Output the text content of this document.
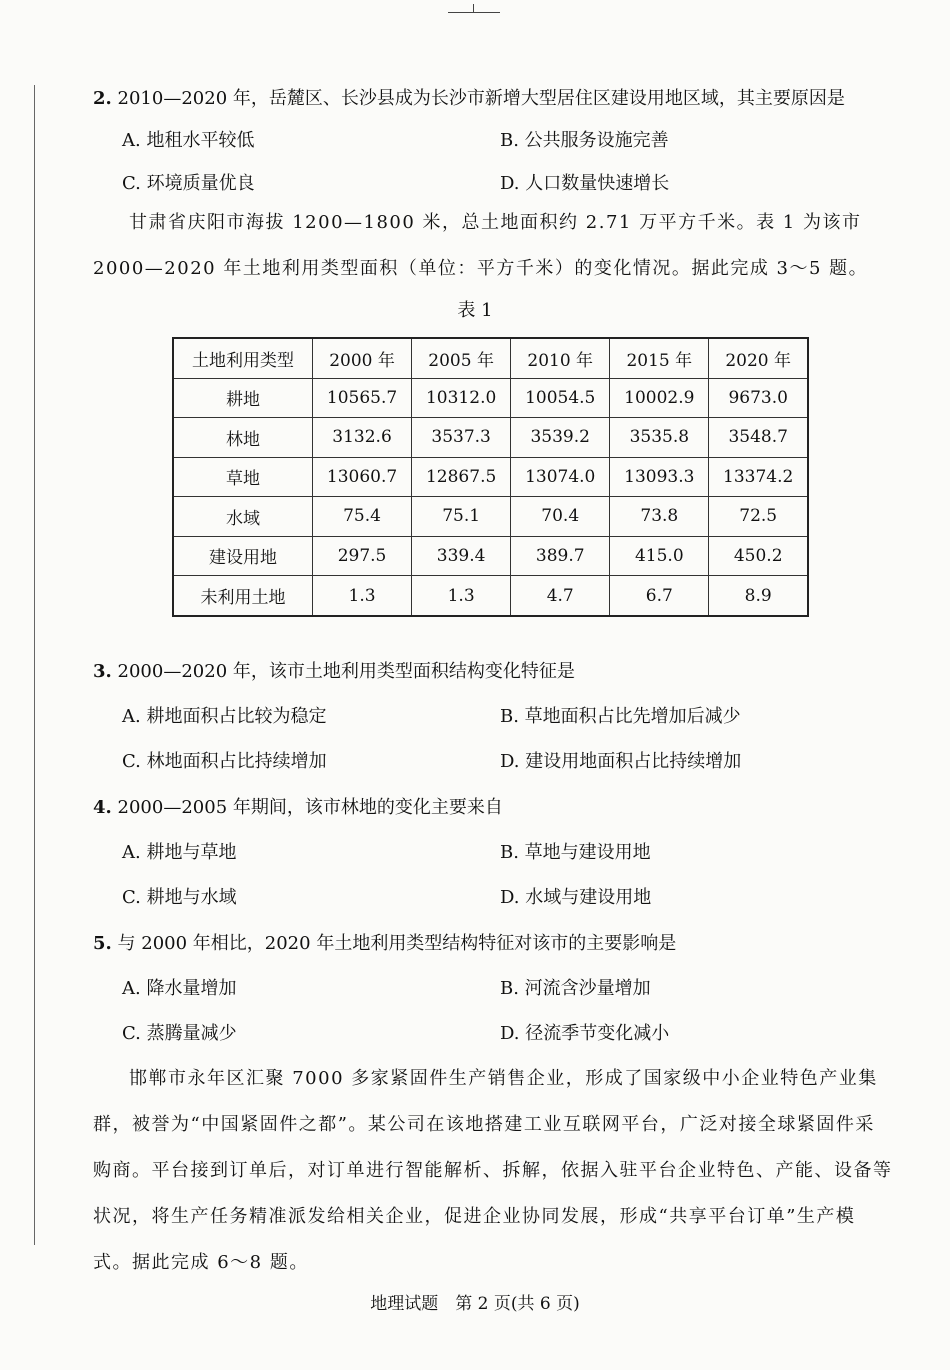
2. 2010—2020 年，岳麓区、长沙县成为长沙市新增大型居住区建设用地区域，其主要原因是
A. 地租水平较低	B. 公共服务设施完善
C. 环境质量优良	D. 人口数量快速增长
甘肃省庆阳市海拔 1200—1800 米，总土地面积约 2.71 万平方千米。表 1 为该市 2000—2020 年土地利用类型面积（单位：平方千米）的变化情况。据此完成 3～5 题。
表 1
土地利用类型	2000 年	2005 年	2010 年	2015 年	2020 年
耕地	10565.7	10312.0	10054.5	10002.9	9673.0
林地	3132.6	3537.3	3539.2	3535.8	3548.7
草地	13060.7	12867.5	13074.0	13093.3	13374.2
水域	75.4	75.1	70.4	73.8	72.5
建设用地	297.5	339.4	389.7	415.0	450.2
未利用土地	1.3	1.3	4.7	6.7	8.9
3. 2000—2020 年，该市土地利用类型面积结构变化特征是
A. 耕地面积占比较为稳定	B. 草地面积占比先增加后减少
C. 林地面积占比持续增加	D. 建设用地面积占比持续增加
4. 2000—2005 年期间，该市林地的变化主要来自
A. 耕地与草地	B. 草地与建设用地
C. 耕地与水域	D. 水域与建设用地
5. 与 2000 年相比，2020 年土地利用类型结构特征对该市的主要影响是
A. 降水量增加	B. 河流含沙量增加
C. 蒸腾量减少	D. 径流季节变化减小
邯郸市永年区汇聚 7000 多家紧固件生产销售企业，形成了国家级中小企业特色产业集群，被誉为“中国紧固件之都”。某公司在该地搭建工业互联网平台，广泛对接全球紧固件采购商。平台接到订单后，对订单进行智能解析、拆解，依据入驻平台企业特色、产能、设备等状况，将生产任务精准派发给相关企业，促进企业协同发展，形成“共享平台订单”生产模式。据此完成 6～8 题。
地理试题　第 2 页(共 6 页)
